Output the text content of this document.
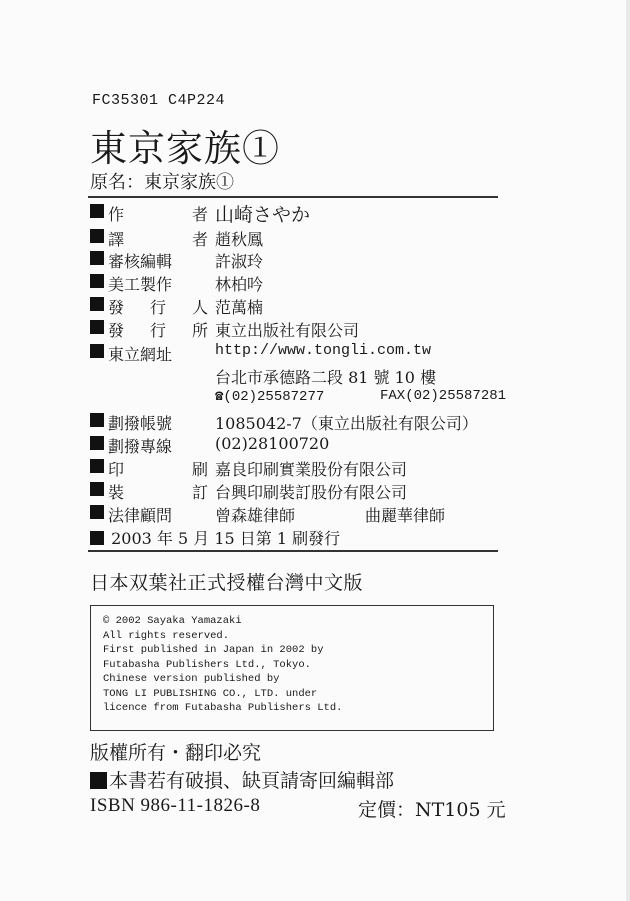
FC35301 C4P224
東京家族①
原名：東京家族①
作	者 山崎さやか
譯	者 趙秋鳳
審核編輯	許淑玲
美工製作	林柏吟
發 行 人 范萬楠
發 行 所 東立出版社有限公司
東立網址	http://www.tongli.com.tw
台北市承德路二段 81 號 10 樓
☎(02)25587277	FAX(02)25587281
劃撥帳號	1085042-7（東立出版社有限公司）
劃撥專線	(02)28100720
印	刷 嘉良印刷實業股份有限公司
裝	訂 台興印刷裝訂股份有限公司
法律顧問	曾森雄律師	曲麗華律師
2003 年 5 月 15 日第 1 刷發行
日本双葉社正式授權台灣中文版
© 2002 Sayaka Yamazaki
All rights reserved.
First published in Japan in 2002 by
Futabasha Publishers Ltd., Tokyo.
Chinese version published by
TONG LI PUBLISHING CO., LTD. under
licence from Futabasha Publishers Ltd.
版權所有・翻印必究
本書若有破損、缺頁請寄回編輯部
ISBN 986-11-1826-8	定價：NT105 元
